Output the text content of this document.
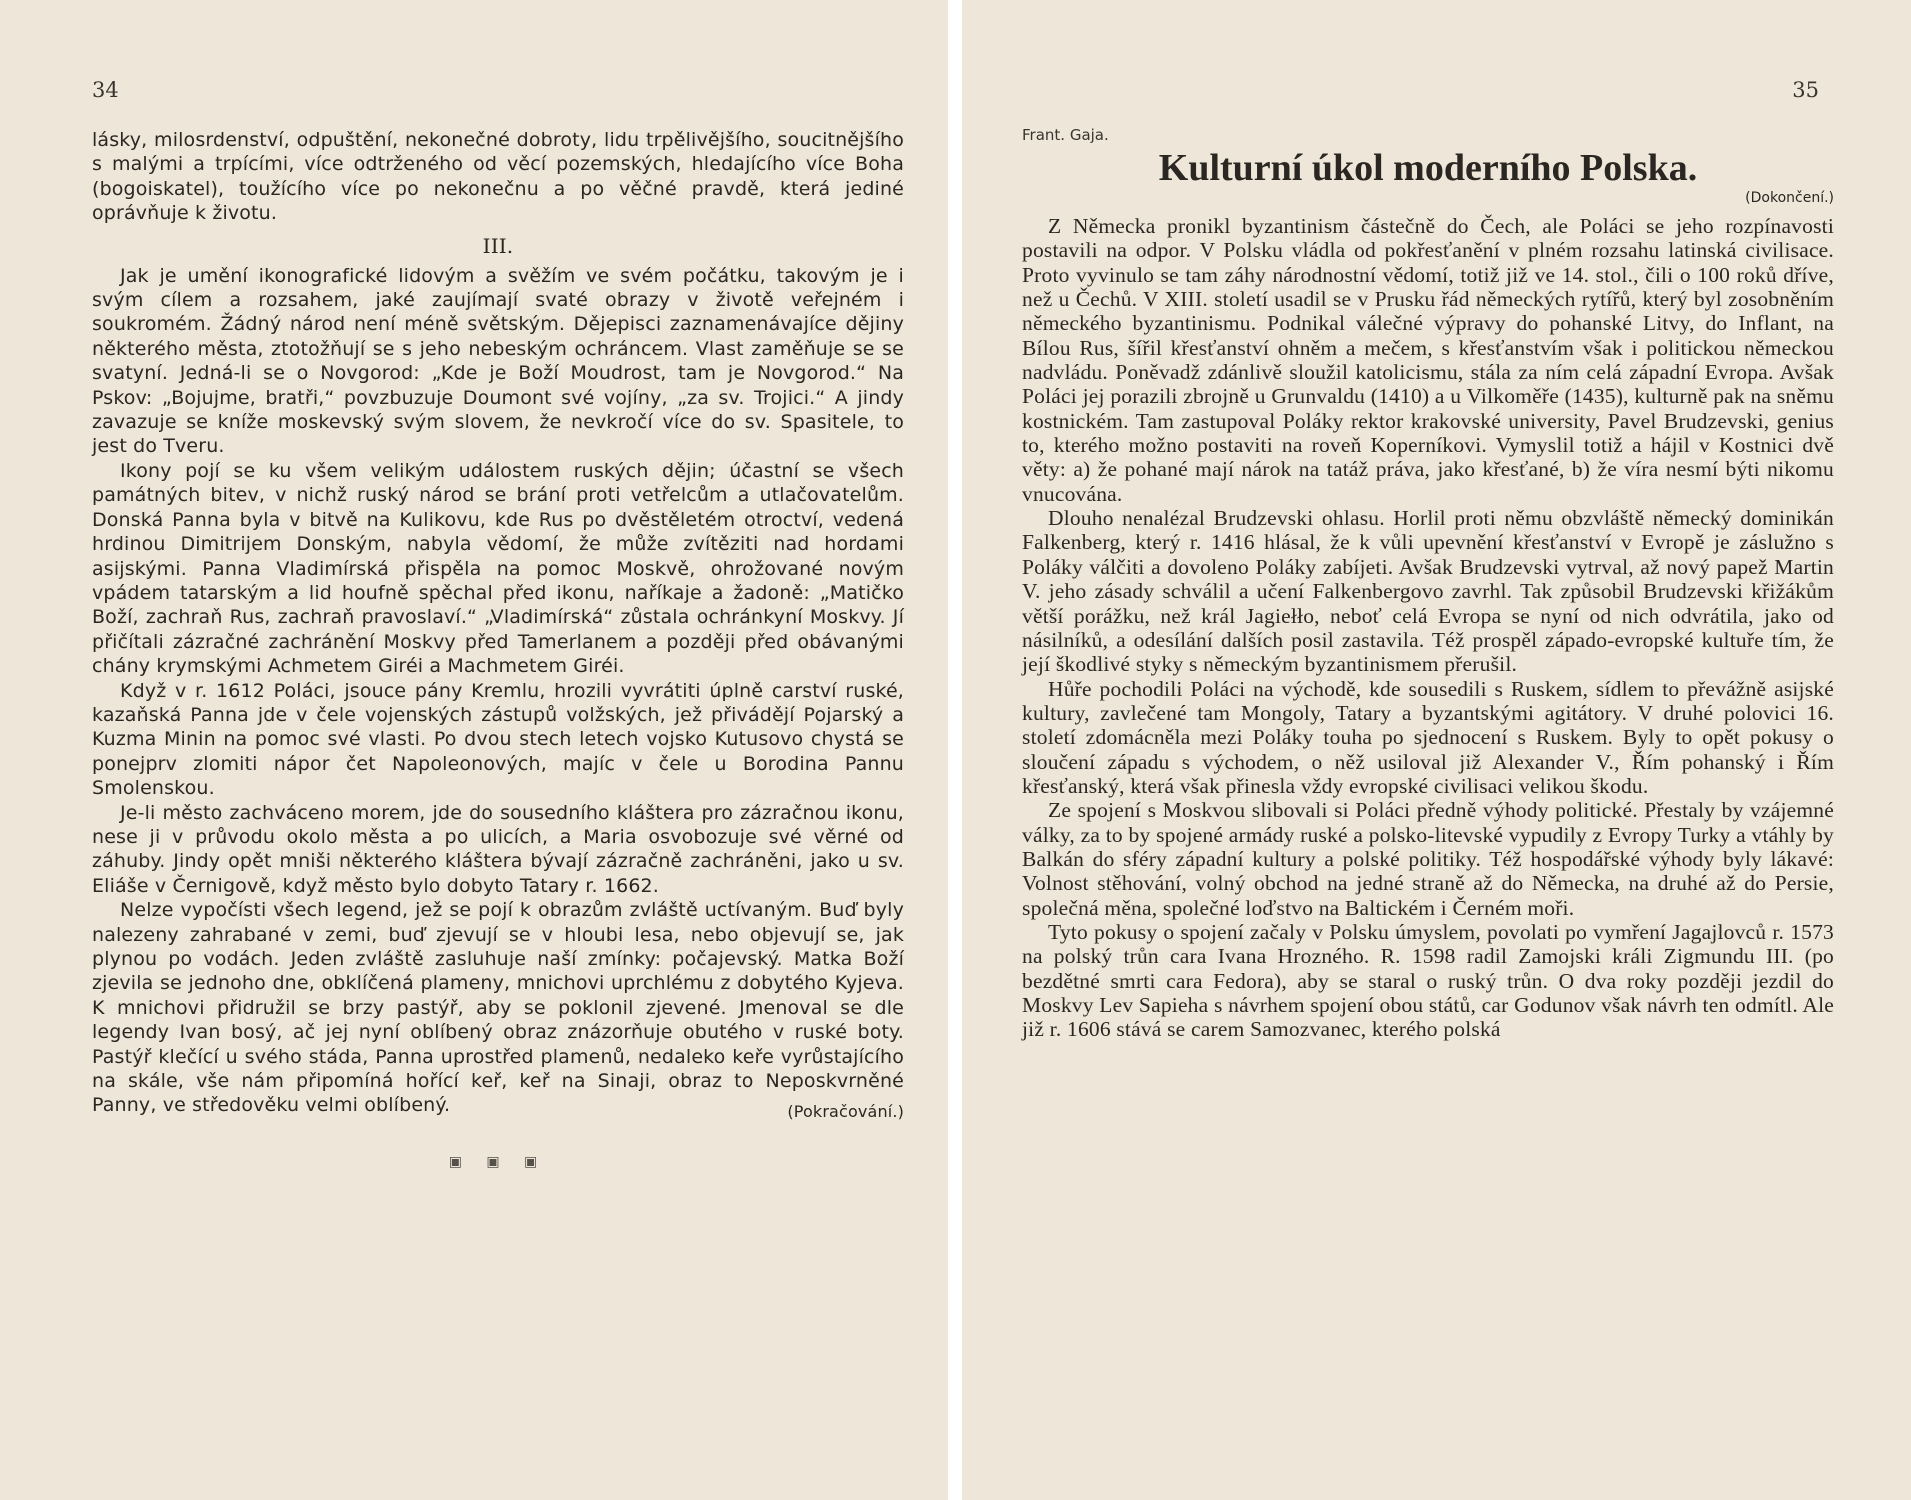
34

lásky, milosrdenství, odpuštění, nekonečné dobroty, lidu trpělivějšího, soucitnějšího s malými a trpícími, více odtrženého od věcí pozemských, hledajícího více Boha (bogoiskatel), toužícího více po nekonečnu a po věčné pravdě, která jediné oprávňuje k životu.

III.

Jak je umění ikonografické lidovým a svěžím ve svém počátku, takovým je i svým cílem a rozsahem, jaké zaujímají svaté obrazy v životě veřejném i soukromém. Žádný národ není méně světským. Dějepisci zaznamenávajíce dějiny některého města, ztotožňují se s jeho nebeským ochráncem. Vlast zaměňuje se se svatyní. Jedná-li se o Novgorod: „Kde je Boží Moudrost, tam je Novgorod.“ Na Pskov: „Bojujme, bratři,“ povzbuzuje Doumont své vojíny, „za sv. Trojici.“ A jindy zavazuje se kníže moskevský svým slovem, že nevkročí více do sv. Spasitele, to jest do Tveru.

Ikony pojí se ku všem velikým událostem ruských dějin; účastní se všech památných bitev, v nichž ruský národ se brání proti vetřelcům a utlačovatelům. Donská Panna byla v bitvě na Kulikovu, kde Rus po dvěstěletém otroctví, vedená hrdinou Dimitrijem Donským, nabyla vědomí, že může zvítěziti nad hordami asijskými. Panna Vladimírská přispěla na pomoc Moskvě, ohrožované novým vpádem tatarským a lid houfně spěchal před ikonu, naříkaje a žadoně: „Matičko Boží, zachraň Rus, zachraň pravoslaví.“ „Vladimírská“ zůstala ochránkyní Moskvy. Jí přičítali zázračné zachránění Moskvy před Tamerlanem a později před obávanými chány krymskými Achmetem Giréi a Machmetem Giréi.

Když v r. 1612 Poláci, jsouce pány Kremlu, hrozili vyvrátiti úplně carství ruské, kazaňská Panna jde v čele vojenských zástupů volžských, jež přivádějí Pojarský a Kuzma Minin na pomoc své vlasti. Po dvou stech letech vojsko Kutusovo chystá se ponejprv zlomiti nápor čet Napoleonových, majíc v čele u Borodina Pannu Smolenskou.

Je-li město zachváceno morem, jde do sousedního kláštera pro zázračnou ikonu, nese ji v průvodu okolo města a po ulicích, a Maria osvobozuje své věrné od záhuby. Jindy opět mniši některého kláštera bývají zázračně zachráněni, jako u sv. Eliáše v Černigově, když město bylo dobyto Tatary r. 1662.

Nelze vypočísti všech legend, jež se pojí k obrazům zvláště uctívaným. Buď byly nalezeny zahrabané v zemi, buď zjevují se v hloubi lesa, nebo objevují se, jak plynou po vodách. Jeden zvláště zasluhuje naší zmínky: počajevský. Matka Boží zjevila se jednoho dne, obklíčená plameny, mnichovi uprchlému z dobytého Kyjeva. K mnichovi přidružil se brzy pastýř, aby se poklonil zjevené. Jmenoval se dle legendy Ivan bosý, ač jej nyní oblíbený obraz znázorňuje obutého v ruské boty. Pastýř klečící u svého stáda, Panna uprostřed plamenů, nedaleko keře vyrůstajícího na skále, vše nám připomíná hořící keř, keř na Sinaji, obraz to Neposkvrněné Panny, ve středověku velmi oblíbený.	(Pokračování.)
▣ ▣ ▣
35
Frant. Gaja.
Kulturní úkol moderního Polska.
(Dokončení.)

Z Německa pronikl byzantinism částečně do Čech, ale Poláci se jeho rozpínavosti postavili na odpor. V Polsku vládla od pokřesťanění v plném rozsahu latinská civilisace. Proto vyvinulo se tam záhy národnostní vědomí, totiž již ve 14. stol., čili o 100 roků dříve, než u Čechů. V XIII. století usadil se v Prusku řád německých rytířů, který byl zosobněním německého byzantinismu. Podnikal válečné výpravy do pohanské Litvy, do Inflant, na Bílou Rus, šířil křesťanství ohněm a mečem, s křesťanstvím však i politickou německou nadvládu. Poněvadž zdánlivě sloužil katolicismu, stála za ním celá západní Evropa. Avšak Poláci jej porazili zbrojně u Grunvaldu (1410) a u Vilkoměře (1435), kulturně pak na sněmu kostnickém. Tam zastupoval Poláky rektor krakovské university, Pavel Brudzevski, genius to, kterého možno postaviti na roveň Koperníkovi. Vymyslil totiž a hájil v Kostnici dvě věty: a) že pohané mají nárok na tatáž práva, jako křesťané, b) že víra nesmí býti nikomu vnucována.

Dlouho nenalézal Brudzevski ohlasu. Horlil proti němu obzvláště německý dominikán Falkenberg, který r. 1416 hlásal, že k vůli upevnění křesťanství v Evropě je záslužno s Poláky válčiti a dovoleno Poláky zabíjeti. Avšak Brudzevski vytrval, až nový papež Martin V. jeho zásady schválil a učení Falkenbergovo zavrhl. Tak způsobil Brudzevski křižákům větší porážku, než král Jagiełło, neboť celá Evropa se nyní od nich odvrátila, jako od násilníků, a odesílání dalších posil zastavila. Též prospěl západo-evropské kultuře tím, že její škodlivé styky s německým byzantinismem přerušil.

Hůře pochodili Poláci na východě, kde sousedili s Ruskem, sídlem to převážně asijské kultury, zavlečené tam Mongoly, Tatary a byzantskými agitátory. V druhé polovici 16. století zdomácněla mezi Poláky touha po sjednocení s Ruskem. Byly to opět pokusy o sloučení západu s východem, o něž usiloval již Alexander V., Řím pohanský i Řím křesťanský, která však přinesla vždy evropské civilisaci velikou škodu.

Ze spojení s Moskvou slibovali si Poláci předně výhody politické. Přestaly by vzájemné války, za to by spojené armády ruské a polsko-litevské vypudily z Evropy Turky a vtáhly by Balkán do sféry západní kultury a polské politiky. Též hospodářské výhody byly lákavé: Volnost stěhování, volný obchod na jedné straně až do Německa, na druhé až do Persie, společná měna, společné loďstvo na Baltickém i Černém moři.

Tyto pokusy o spojení začaly v Polsku úmyslem, povolati po vymření Jagajlovců r. 1573 na polský trůn cara Ivana Hrozného. R. 1598 radil Zamojski králi Zigmundu III. (po bezdětné smrti cara Fedora), aby se staral o ruský trůn. O dva roky později jezdil do Moskvy Lev Sapieha s návrhem spojení obou států, car Godunov však návrh ten odmítl. Ale již r. 1606 stává se carem Samozvanec, kterého polská
